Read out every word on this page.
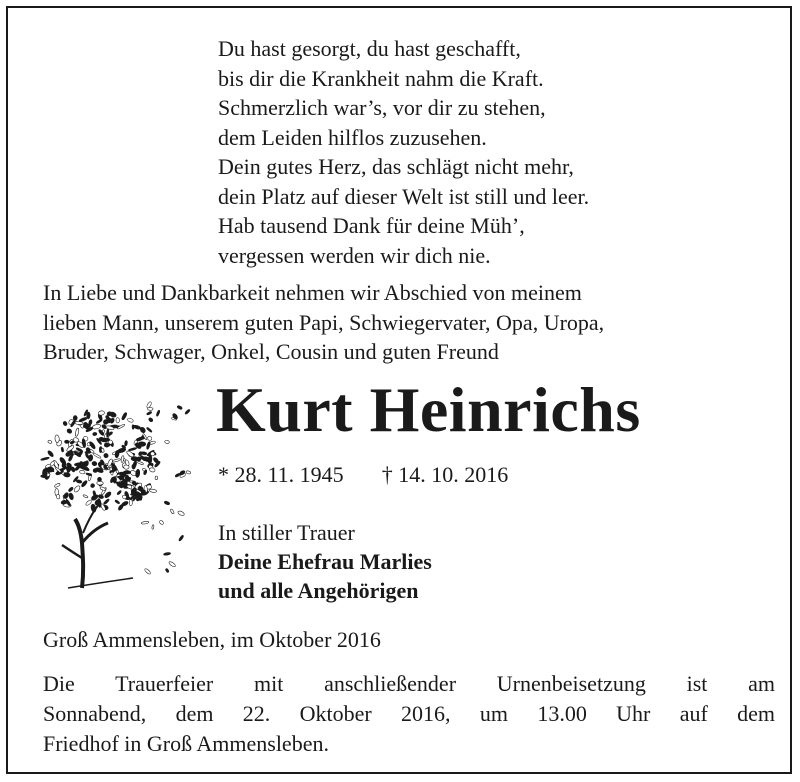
Du hast gesorgt, du hast geschafft,
bis dir die Krankheit nahm die Kraft.
Schmerzlich war’s, vor dir zu stehen,
dem Leiden hilflos zuzusehen.
Dein gutes Herz, das schlägt nicht mehr,
dein Platz auf dieser Welt ist still und leer.
Hab tausend Dank für deine Müh’,
vergessen werden wir dich nie.
In Liebe und Dankbarkeit nehmen wir Abschied von meinem
lieben Mann, unserem guten Papi, Schwiegervater, Opa, Uropa,
Bruder, Schwager, Onkel, Cousin und guten Freund
Kurt Heinrichs
* 28. 11. 1945 † 14. 10. 2016
In stiller Trauer
Deine Ehefrau Marlies
und alle Angehörigen
Groß Ammensleben, im Oktober 2016
Die Trauerfeier mit anschließender Urnenbeisetzung ist am
Sonnabend, dem 22. Oktober 2016, um 13.00 Uhr auf dem
Friedhof in Groß Ammensleben.
